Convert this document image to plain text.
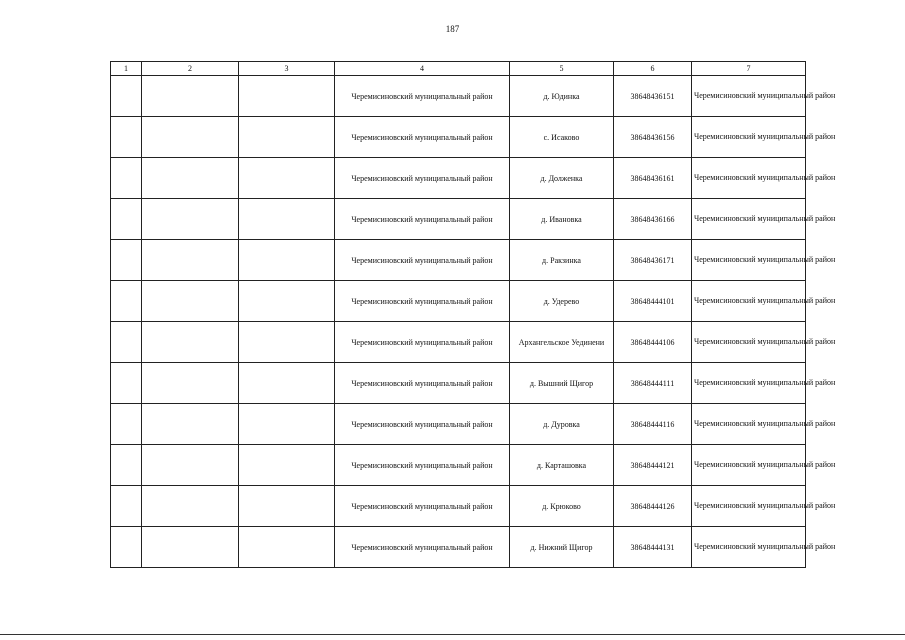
187
1	2	3	4	5	6	7
			Черемисиновский муниципальный район	д. Юдинка	38648436151	Черемисиновский муниципальный район
			Черемисиновский муниципальный район	с. Исаково	38648436156	Черемисиновский муниципальный район
			Черемисиновский муниципальный район	д. Долженка	38648436161	Черемисиновский муниципальный район
			Черемисиновский муниципальный район	д. Ивановка	38648436166	Черемисиновский муниципальный район
			Черемисиновский муниципальный район	д. Ракзинка	38648436171	Черемисиновский муниципальный район
			Черемисиновский муниципальный район	д. Удерево	38648444101	Черемисиновский муниципальный район
			Черемисиновский муниципальный район	Архангельское Уединени	38648444106	Черемисиновский муниципальный район
			Черемисиновский муниципальный район	д. Вышний Щигор	38648444111	Черемисиновский муниципальный район
			Черемисиновский муниципальный район	д. Дуровка	38648444116	Черемисиновский муниципальный район
			Черемисиновский муниципальный район	д. Карташовка	38648444121	Черемисиновский муниципальный район
			Черемисиновский муниципальный район	д. Крюково	38648444126	Черемисиновский муниципальный район
			Черемисиновский муниципальный район	д. Нижний Щигор	38648444131	Черемисиновский муниципальный район
